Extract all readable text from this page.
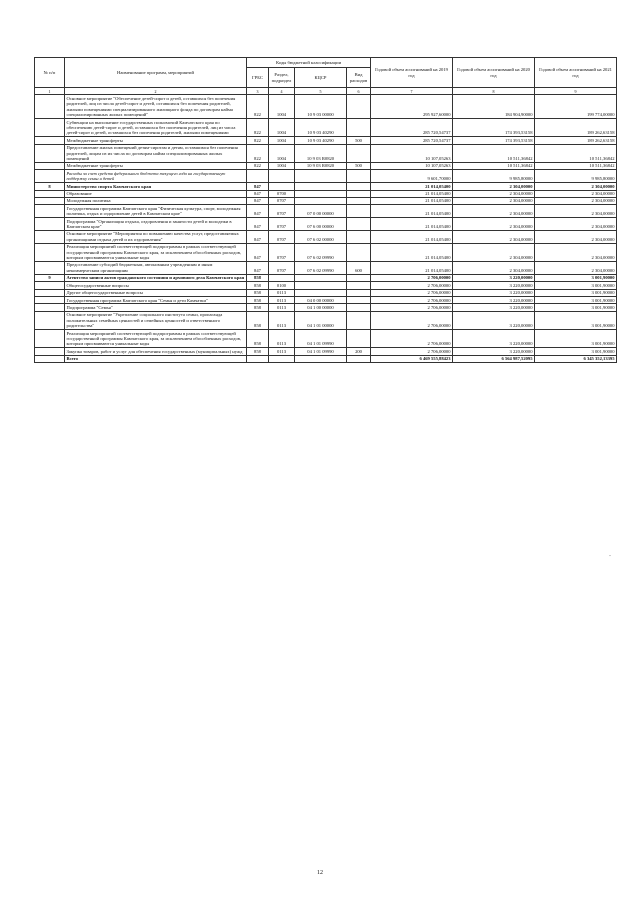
№ п/п	Наименование программ, мероприятий	Коды бюджетной классификации				Годовой объем ассигнований на 2019 год	Годовой объем ассигнований на 2020 год	Годовой объем ассигнований на 2021 год
		ГРБС	Раздел, подраздел	КЦСР	Вид расходов			
1	2	3	4	5	6	7	8	9
	Основное мероприятие "Обеспечение детей-сирот и детей, оставшихся без попечения родителей, лиц из числа детей-сирот и детей, оставшихся без попечения родителей, жилыми помещениями специализированного жилищного фонда по договорам найма специализированных жилых помещений"	822	1004	10 9 03 00000		295 927,60000	184 904,90000	199 774,00000
	Субвенции на выполнение государственных полномочий Камчатского края по обеспечению детей-сирот и детей, оставшихся без попечения родителей, лиц из числа детей-сирот и детей, оставшихся без попечения родителей, жилыми помещениями	822	1004	10 9 03 40290		285 720,54737	174 393,53158	189 262,63158
	Межбюджетные трансферты	822	1004	10 9 03 40290	500	285 720,54737	174 393,53158	189 262,63158
	Предоставление жилых помещений детям-сиротам и детям, оставшимся без попечения родителей, лицам из их числа по договорам найма специализированных жилых помещений	822	1004	10 9 03 R0820		10 107,05263	10 511,36842	10 511,36842
	Межбюджетные трансферты	822	1004	10 9 03 R0820	500	10 107,05263	10 511,36842	10 511,36842
	Расходы за счет средств федерального бюджета текущего года на государственную поддержку семьи и детей					9 601,70000	9 985,80000	9 985,80000
8	Министерство спорта Камчатского края	847				21 014,05400	2 304,00000	2 304,00000
	Образование	847	0700			21 014,05400	2 304,00000	2 304,00000
	Молодежная политика	847	0707			21 014,05400	2 304,00000	2 304,00000
	Государственная программа Камчатского края "Физическая культура, спорт, молодежная политика, отдых и оздоровление детей в Камчатском крае"	847	0707	07 0 00 00000		21 014,05400	2 304,00000	2 304,00000
	Подпрограмма "Организация отдыха, оздоровления и занятости детей и молодежи в Камчатском крае"	847	0707	07 6 00 00000		21 014,05400	2 304,00000	2 304,00000
	Основное мероприятие "Мероприятия по повышению качества услуг, предоставляемых организациями отдыха детей и их оздоровления"	847	0707	07 6 02 00000		21 014,05400	2 304,00000	2 304,00000
	Реализация мероприятий соответствующей подпрограммы в рамках соответствующей государственной программы Камчатского края, за исключением обособленных расходов, которым присваиваются уникальные коды	847	0707	07 6 02 09990		21 014,05400	2 304,00000	2 304,00000
	Предоставление субсидий бюджетным, автономным учреждениям и иным некоммерческим организациям	847	0707	07 6 02 09990	600	21 014,05400	2 304,00000	2 304,00000
9	Агентство записи актов гражданского состояния и архивного дела Камчатского края	858				2 706,00000	3 220,00000	3 001,90000
	Общегосударственные вопросы	858	0100			2 706,00000	3 220,00000	3 001,90000
	Другие общегосударственные вопросы	858	0113			2 706,00000	3 220,00000	3 001,90000
	Государственная программа Камчатского края "Семья и дети Камчатки"	858	0113	04 0 00 00000		2 706,00000	3 220,00000	3 001,90000
	Подпрограмма "Семья"	858	0113	04 1 00 00000		2 706,00000	3 220,00000	3 001,90000
	Основное мероприятие "Укрепление социального института семьи, пропаганда положительных семейных ценностей и семейных ценностей и ответственного родительства"	858	0113	04 1 01 00000		2 706,00000	3 220,00000	3 001,90000
	Реализация мероприятий соответствующей подпрограммы в рамках соответствующей государственной программы Камчатского края, за исключением обособленных расходов, которым присваиваются уникальные коды	858	0113	04 1 01 09990		2 706,00000	3 220,00000	3 001,90000
	Закупка товаров, работ и услуг для обеспечения государственных (муниципальных) нужд	858	0113	04 1 01 09990	200	2 706,00000	3 220,00000	3 001,90000
	Всего					6 469 555,88423	6 564 987,52095	6 345 352,13395
”
12
